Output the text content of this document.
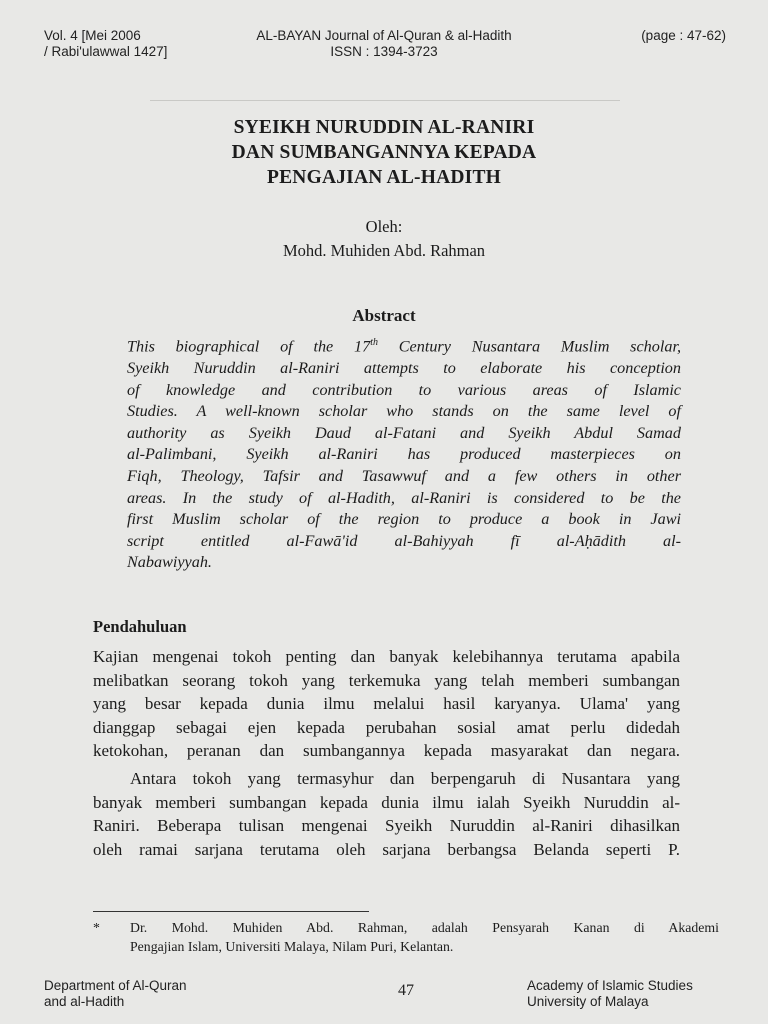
Vol. 4 [Mei 2006
/ Rabi'ulawwal 1427]
AL-BAYAN Journal of Al-Quran & al-Hadith
ISSN : 1394-3723
(page : 47-62)
SYEIKH NURUDDIN AL-RANIRI
DAN SUMBANGANNYA KEPADA
PENGAJIAN AL-HADITH
Oleh:
Mohd. Muhiden Abd. Rahman
Abstract
This biographical of the 17th Century Nusantara Muslim scholar,
Syeikh Nuruddin al-Raniri attempts to elaborate his conception
of knowledge and contribution to various areas of Islamic
Studies. A well-known scholar who stands on the same level of
authority as Syeikh Daud al-Fatani and Syeikh Abdul Samad
al-Palimbani, Syeikh al-Raniri has produced masterpieces on
Fiqh, Theology, Tafsir and Tasawwuf and a few others in other
areas. In the study of al-Hadith, al-Raniri is considered to be the
first Muslim scholar of the region to produce a book in Jawi
script entitled al-Fawā'id al-Bahiyyah fī al-Aḥādith al-
Nabawiyyah.
Pendahuluan
Kajian mengenai tokoh penting dan banyak kelebihannya terutama apabila
melibatkan seorang tokoh yang terkemuka yang telah memberi sumbangan
yang besar kepada dunia ilmu melalui hasil karyanya. Ulama' yang
dianggap sebagai ejen kepada perubahan sosial amat perlu didedah
ketokohan, peranan dan sumbangannya kepada masyarakat dan negara.
Antara tokoh yang termasyhur dan berpengaruh di Nusantara yang
banyak memberi sumbangan kepada dunia ilmu ialah Syeikh Nuruddin al-
Raniri. Beberapa tulisan mengenai Syeikh Nuruddin al-Raniri dihasilkan
oleh ramai sarjana terutama oleh sarjana berbangsa Belanda seperti P.
* Dr. Mohd. Muhiden Abd. Rahman, adalah Pensyarah Kanan di Akademi
Pengajian Islam, Universiti Malaya, Nilam Puri, Kelantan.
Department of Al-Quran
and al-Hadith
47	Academy of Islamic Studies
University of Malaya
